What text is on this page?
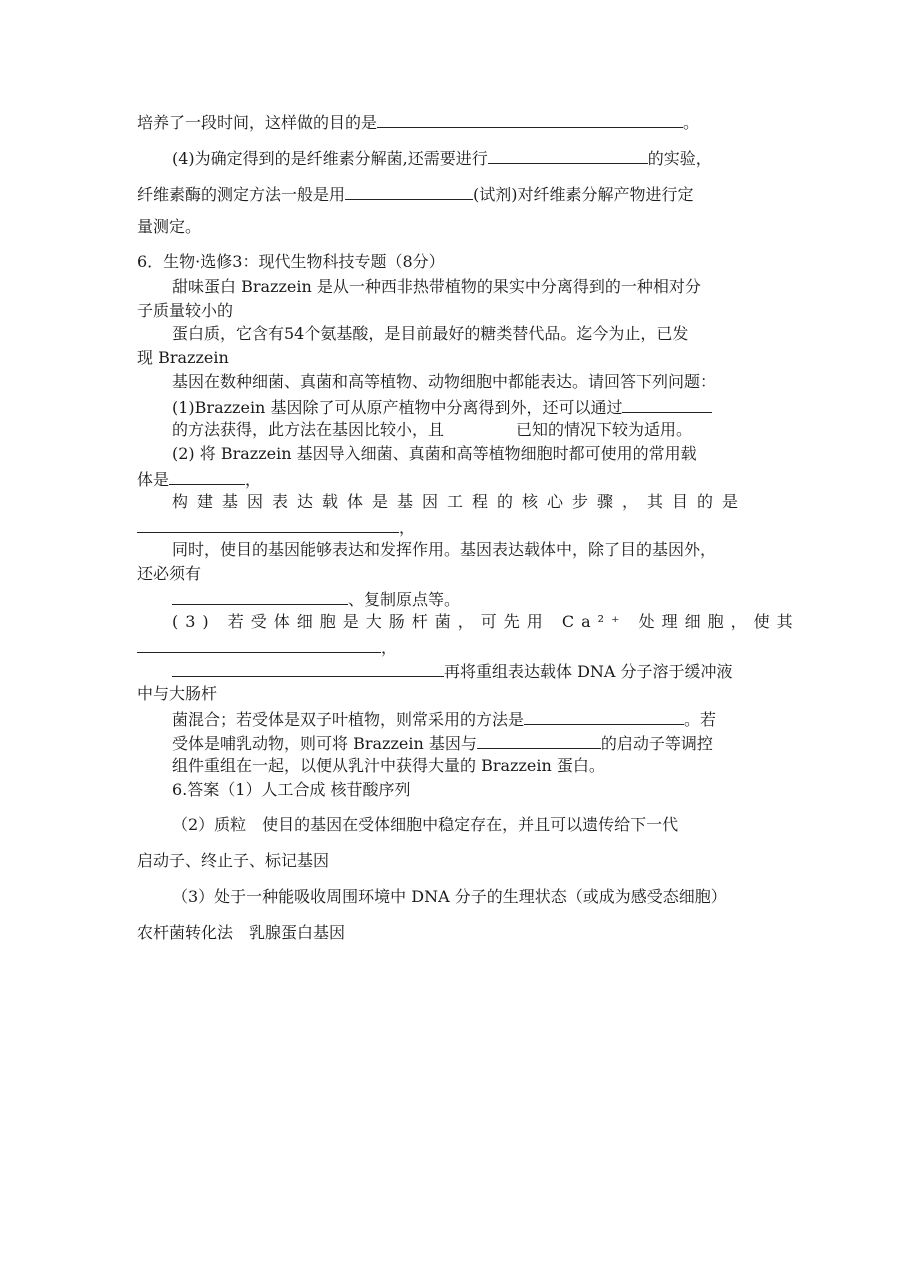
培养了一段时间，这样做的目的是	。
(4)为确定得到的是纤维素分解菌,还需要进行	的实验，
纤维素酶的测定方法一般是用	(试剂)对纤维素分解产物进行定
量测定。
6．生物·选修3：现代生物科技专题（8分）
甜味蛋白 Brazzein 是从一种西非热带植物的果实中分离得到的一种相对分
子质量较小的
蛋白质，它含有54个氨基酸，是目前最好的糖类替代品。迄今为止，已发
现 Brazzein
基因在数种细菌、真菌和高等植物、动物细胞中都能表达。请回答下列问题：
(1)Brazzein 基因除了可从原产植物中分离得到外，还可以通过
的方法获得，此方法在基因比较小，且	已知的情况下较为适用。
(2) 将 Brazzein 基因导入细菌、真菌和高等植物细胞时都可使用的常用载
体是	，
构建基因表达载体是基因工程的核心步骤，其目的是
，
同时，使目的基因能够表达和发挥作用。基因表达载体中，除了目的基因外，
还必须有
、复制原点等。
(3) 若受体细胞是大肠杆菌，可先用 Ca²⁺ 处理细胞，使其
，
再将重组表达载体 DNA 分子溶于缓冲液
中与大肠杆
菌混合；若受体是双子叶植物，则常采用的方法是	。若
受体是哺乳动物，则可将 Brazzein 基因与	的启动子等调控
组件重组在一起，以便从乳汁中获得大量的 Brazzein 蛋白。
6.答案（1）人工合成 核苷酸序列
（2）质粒　使目的基因在受体细胞中稳定存在，并且可以遗传给下一代
启动子、终止子、标记基因
（3）处于一种能吸收周围环境中 DNA 分子的生理状态（或成为感受态细胞）
农杆菌转化法　乳腺蛋白基因
